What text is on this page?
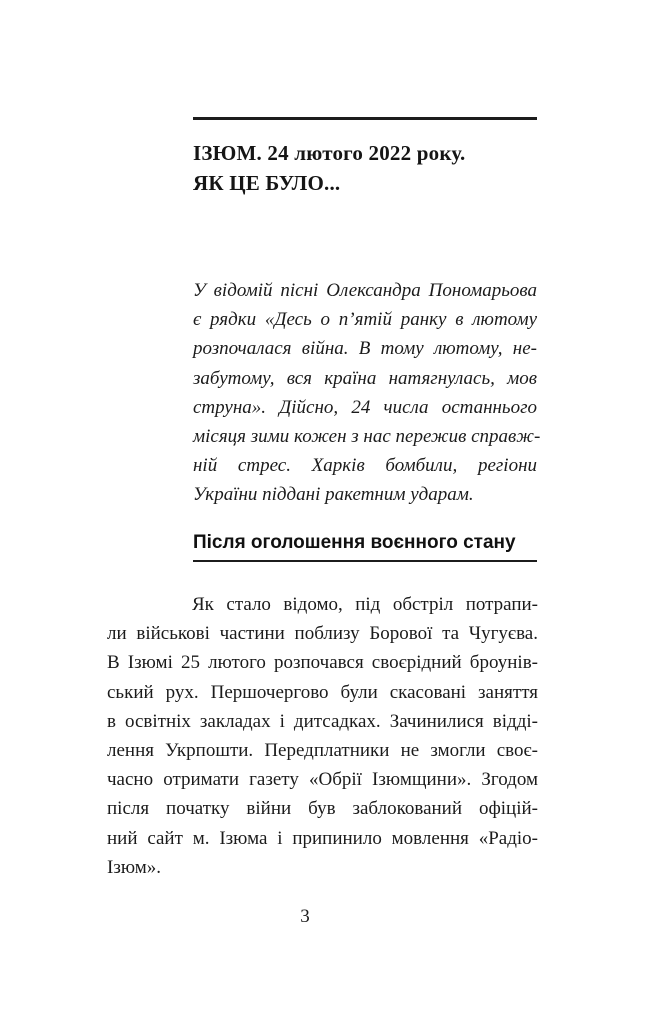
ІЗЮМ. 24 лютого 2022 року.
ЯК ЦЕ БУЛО...
У відомій пісні Олександра Пономарьова
є рядки «Десь о п’ятій ранку в лютому
розпочалася війна. В тому лютому, не-
забутому, вся країна натягнулась, мов
струна». Дійсно, 24 числа останнього
місяця зими кожен з нас пережив справж-
ній стрес. Харків бомбили, регіони
України піддані ракетним ударам.
Після оголошення воєнного стану
Як стало відомо, під обстріл потрапи-
ли військові частини поблизу Борової та Чугуєва.
В Ізюмі 25 лютого розпочався своєрідний броунів-
ський рух. Першочергово були скасовані заняття
в освітніх закладах і дитсадках. Зачинилися відді-
лення Укрпошти. Передплатники не змогли своє-
часно отримати газету «Обрії Ізюмщини». Згодом
після початку війни був заблокований офіцій-
ний сайт м. Ізюма і припинило мовлення «Радіо-
Ізюм».
3
